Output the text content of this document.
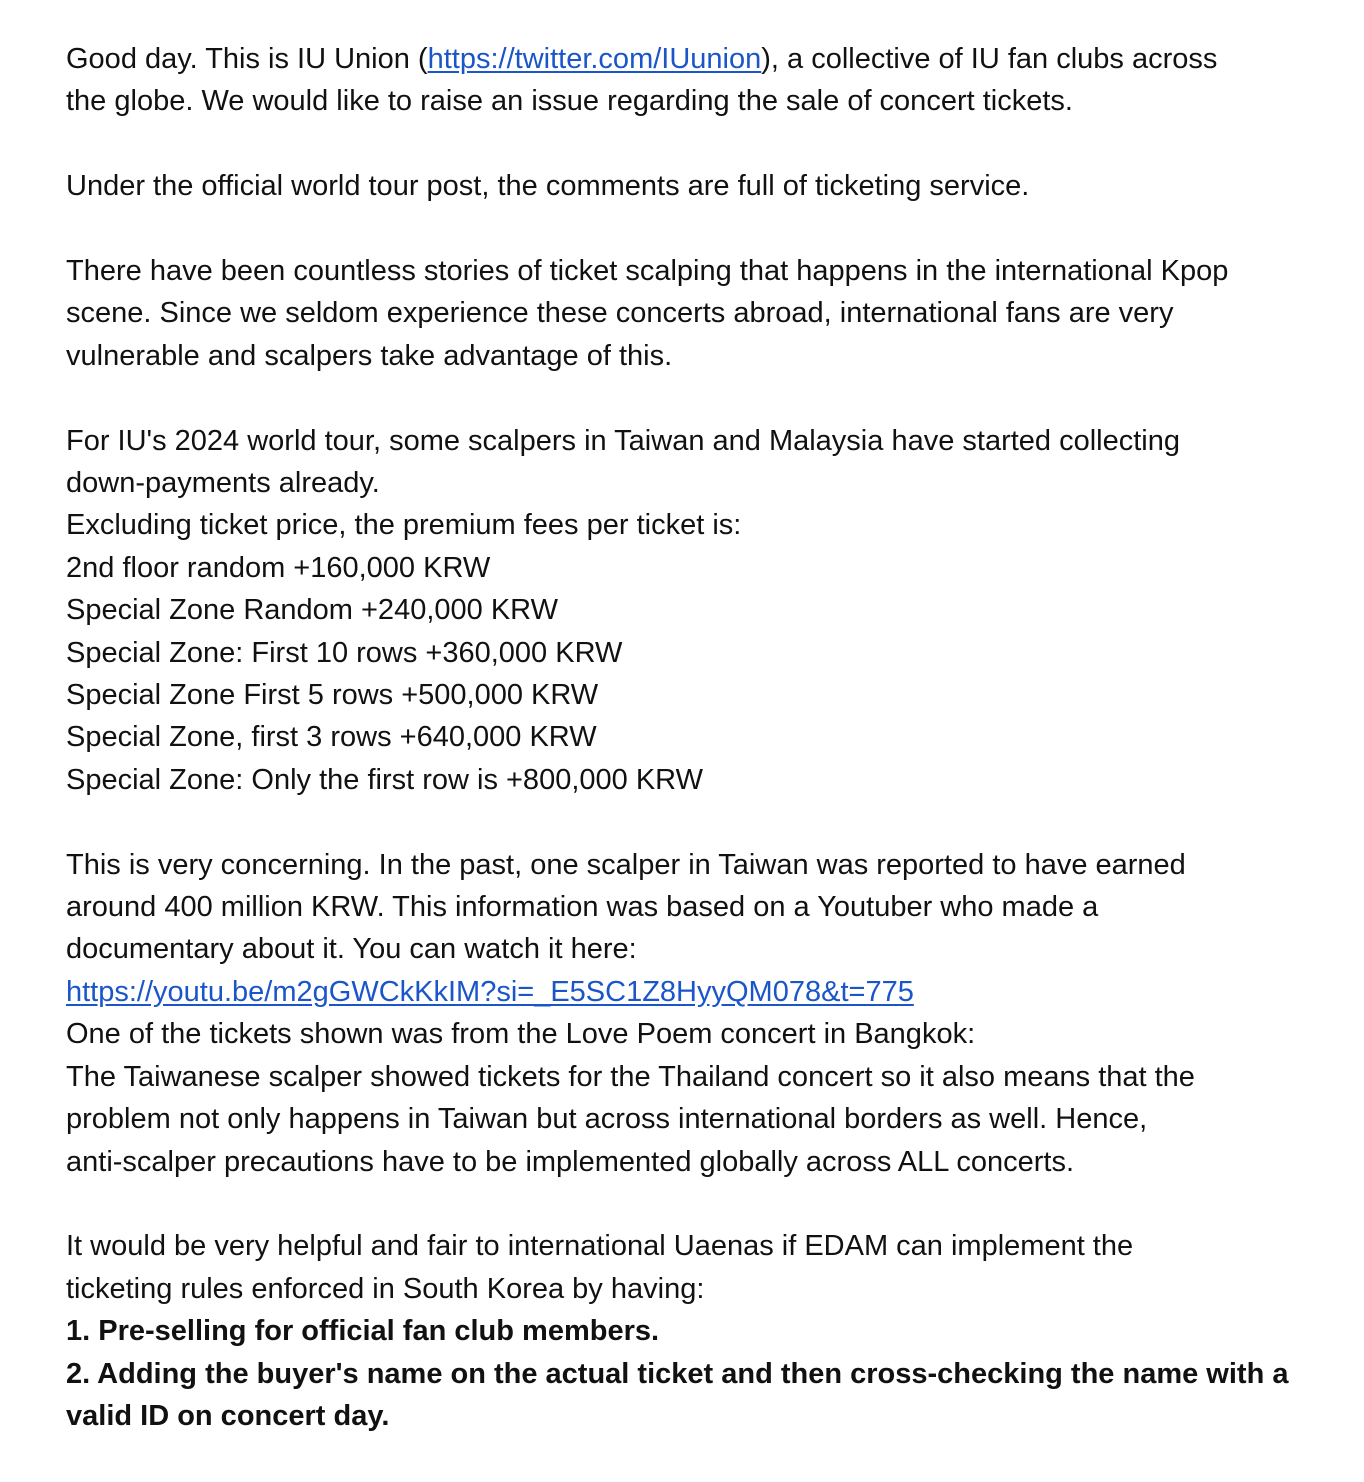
Good day. This is IU Union (https://twitter.com/IUunion), a collective of IU fan clubs across
the globe. We would like to raise an issue regarding the sale of concert tickets.
Under the official world tour post, the comments are full of ticketing service.
There have been countless stories of ticket scalping that happens in the international Kpop
scene. Since we seldom experience these concerts abroad, international fans are very
vulnerable and scalpers take advantage of this.
For IU's 2024 world tour, some scalpers in Taiwan and Malaysia have started collecting
down-payments already.
Excluding ticket price, the premium fees per ticket is:
2nd floor random +160,000 KRW
Special Zone Random +240,000 KRW
Special Zone: First 10 rows +360,000 KRW
Special Zone First 5 rows +500,000 KRW
Special Zone, first 3 rows +640,000 KRW
Special Zone: Only the first row is +800,000 KRW
This is very concerning. In the past, one scalper in Taiwan was reported to have earned
around 400 million KRW. This information was based on a Youtuber who made a
documentary about it. You can watch it here:
https://youtu.be/m2gGWCkKkIM?si=_E5SC1Z8HyyQM078&t=775
One of the tickets shown was from the Love Poem concert in Bangkok:
The Taiwanese scalper showed tickets for the Thailand concert so it also means that the
problem not only happens in Taiwan but across international borders as well. Hence,
anti-scalper precautions have to be implemented globally across ALL concerts.
It would be very helpful and fair to international Uaenas if EDAM can implement the
ticketing rules enforced in South Korea by having:
1. Pre-selling for official fan club members.
2. Adding the buyer's name on the actual ticket and then cross-checking the name with a
valid ID on concert day.
